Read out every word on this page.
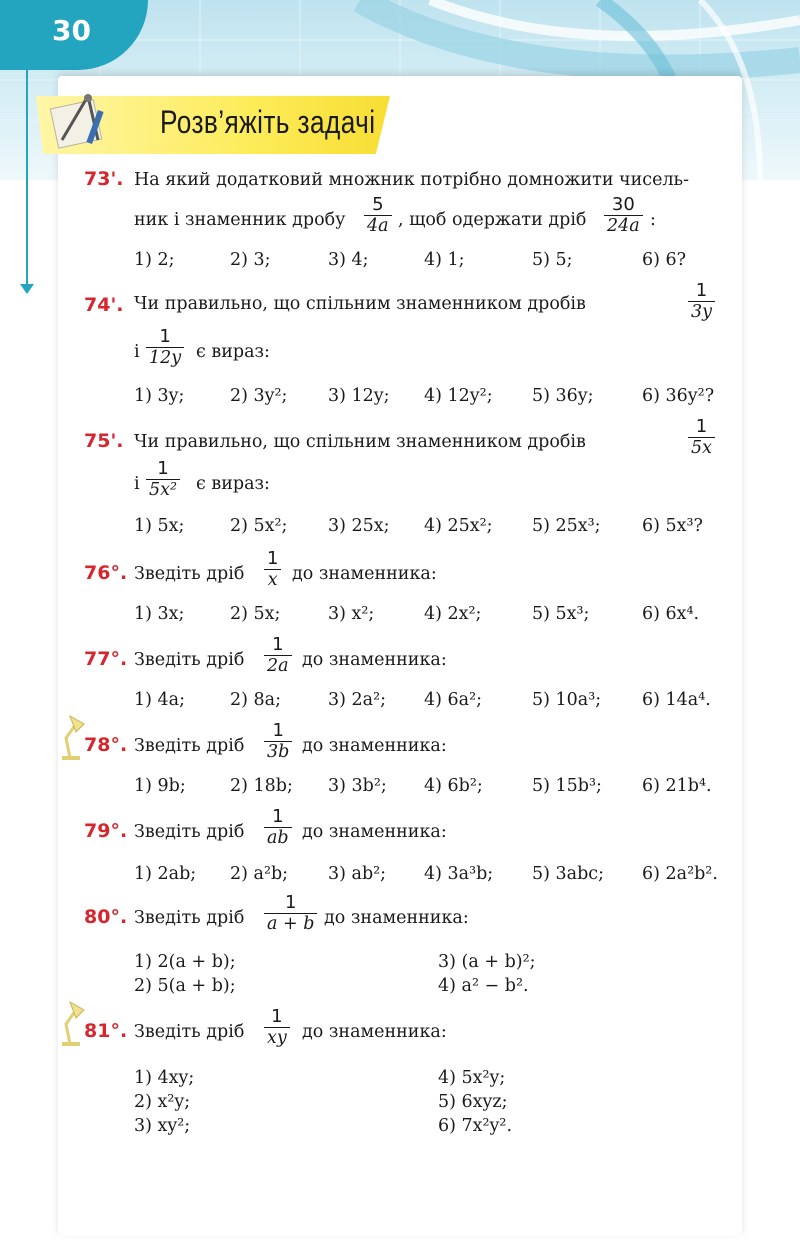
30
Розв’яжіть задачі
73'. На який додатковий множник потрібно домножити чисель-
ник і знаменник дробу $\frac{5}{4a}$ , щоб одержати дріб $\frac{30}{24a}$ :
1) 2;	2) 3;	3) 4;	4) 1;	5) 5;	6) 6?
74'. Чи правильно, що спільним знаменником дробів	$\frac{1}{3y}$
і $\frac{1}{12y}$ є вираз:
1) 3y;	2) 3y²; 3) 12y; 4) 12y²; 5) 36y;	6) 36y²?
75'. Чи правильно, що спільним знаменником дробів	$\frac{1}{5x}$
і $\frac{1}{\text{5x²}}$ є вираз:
1) 5x;	2) 5x²; 3) 25x; 4) 25x²; 5) 25x³; 6) 5x³?
76°. Зведіть дріб $\frac{1}{x}$ до знаменника:
1) 3x;	2) 5x;	3) x²;	4) 2x²;	5) 5x³;	6) 6x⁴.
77°. Зведіть дріб $\frac{1}{2a}$ до знаменника:
1) 4a;	2) 8a;	3) 2a²; 4) 6a²;	5) 10a³; 6) 14a⁴.
78°. Зведіть дріб $\frac{1}{3b}$ до знаменника:
1) 9b;	2) 18b; 3) 3b²; 4) 6b²;	5) 15b³; 6) 21b⁴.
79°. Зведіть дріб $\frac{1}{ab}$ до знаменника:
1) 2ab; 2) a²b; 3) ab²; 4) 3a³b; 5) 3abc; 6) 2a²b².
80°. Зведіть дріб $\frac{1}{a + b}$ до знаменника:
1) 2(a + b);	3) (a + b)²;
2) 5(a + b);	4) a² − b².
81°. Зведіть дріб $\frac{1}{xy}$ до знаменника:
1) 4xy;	4) 5x²y;
2) x²y;	5) 6xyz;
3) xy²;	6) 7x²y².
